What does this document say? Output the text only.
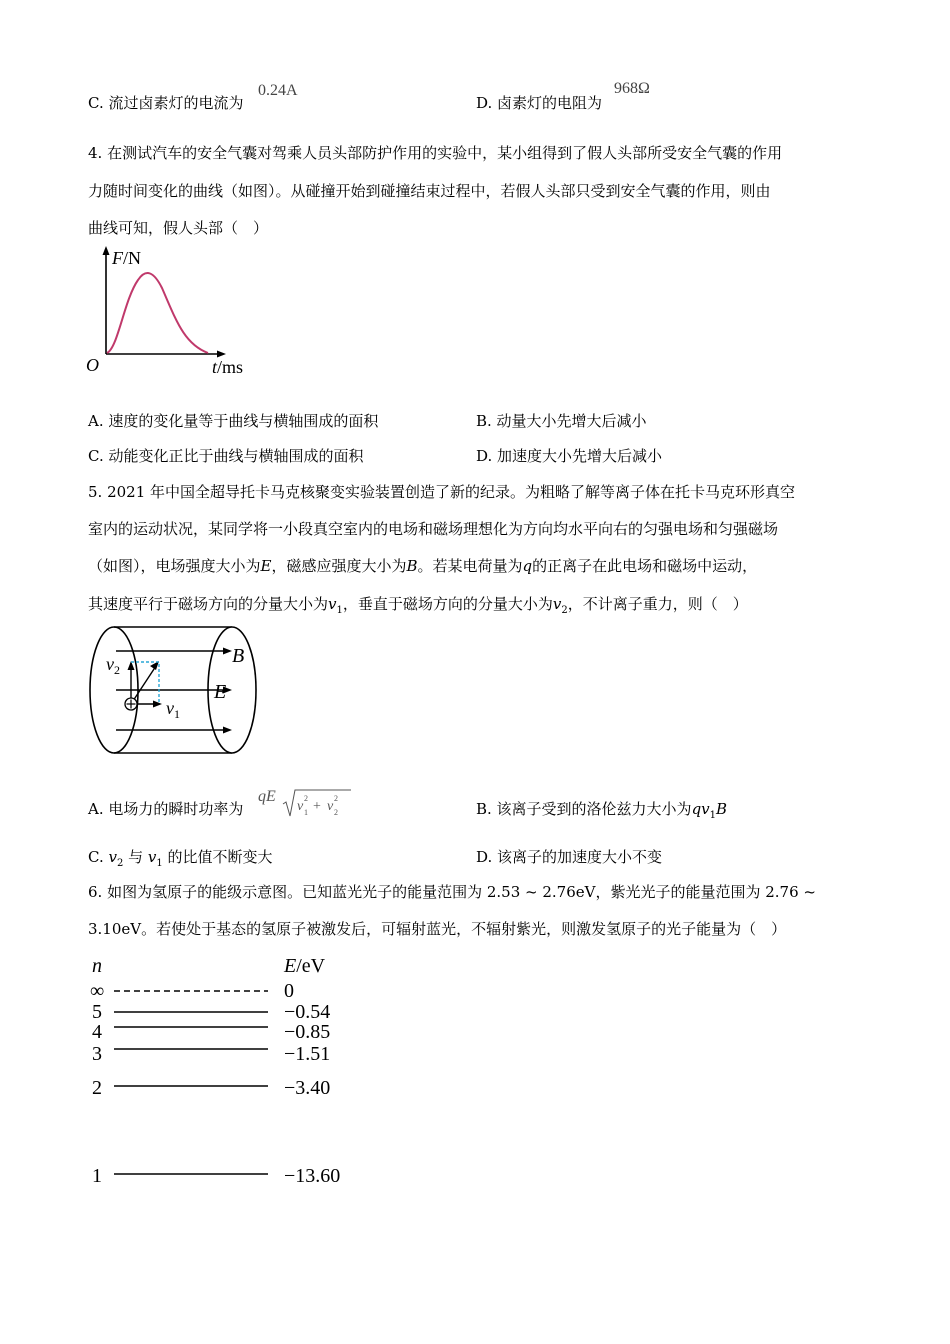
C. 流过卤素灯的电流为
0.24A
D. 卤素灯的电阻为
968Ω
4. 在测试汽车的安全气囊对驾乘人员头部防护作用的实验中，某小组得到了假人头部所受安全气囊的作用
力随时间变化的曲线（如图）。从碰撞开始到碰撞结束过程中，若假人头部只受到安全气囊的作用，则由
曲线可知，假人头部（　）
F/N
O	t/ms
A. 速度的变化量等于曲线与横轴围成的面积	B. 动量大小先增大后减小
C. 动能变化正比于曲线与横轴围成的面积	D. 加速度大小先增大后减小
5. 2021 年中国全超导托卡马克核聚变实验装置创造了新的纪录。为粗略了解等离子体在托卡马克环形真空
室内的运动状况，某同学将一小段真空室内的电场和磁场理想化为方向均水平向右的匀强电场和匀强磁场
（如图），电场强度大小为E，磁感应强度大小为B。若某电荷量为q的正离子在此电场和磁场中运动，
其速度平行于磁场方向的分量大小为$v_1$，垂直于磁场方向的分量大小为$v_2$，不计离子重力，则（　）
B
E
$v_2$
$v_1$
A. 电场力的瞬时功率为
qE
v 1
2
+ v 2
2
B. 该离子受到的洛伦兹力大小为$qv_1B$
C. $v_2$ 与 $v_1$ 的比值不断变大	D. 该离子的加速度大小不变
6. 如图为氢原子的能级示意图。已知蓝光光子的能量范围为 2.53 ~ 2.76eV，紫光光子的能量范围为 2.76 ~
3.10eV。若使处于基态的氢原子被激发后，可辐射蓝光，不辐射紫光，则激发氢原子的光子能量为（　）
n	E/eV
∞	0
5	−0.54
4	−0.85
3	−1.51
2	−3.40
1	−13.60
